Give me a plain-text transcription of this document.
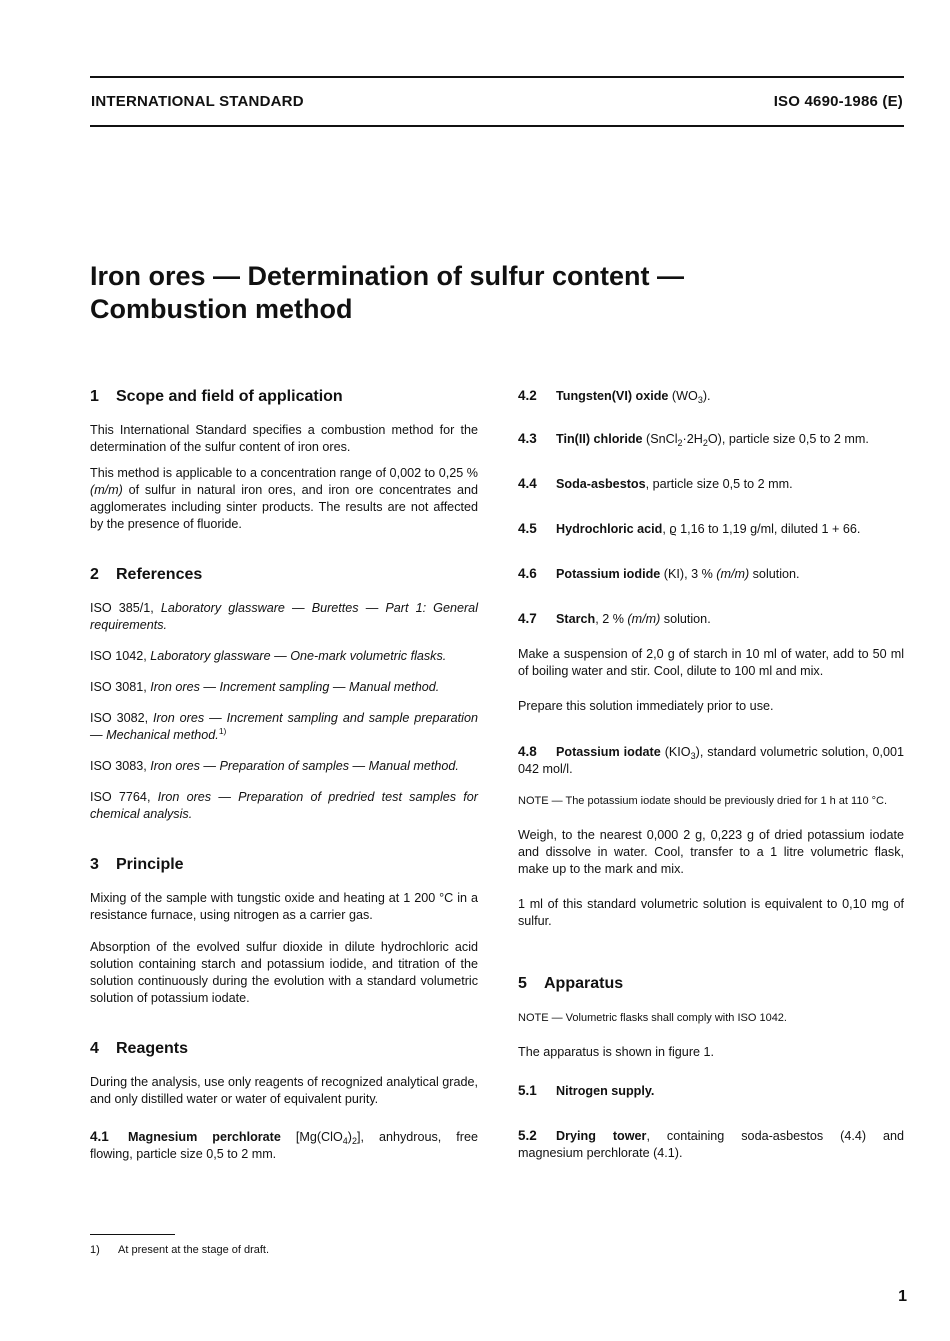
INTERNATIONAL STANDARD	ISO 4690-1986 (E)
Iron ores — Determination of sulfur content —
Combustion method
1 Scope and field of application

This International Standard specifies a combustion method for the determination of the sulfur content of iron ores.

This method is applicable to a concentration range of 0,002 to 0,25 % (m/m) of sulfur in natural iron ores, and iron ore concentrates and agglomerates including sinter products. The results are not affected by the presence of fluoride.

2 References

ISO 385/1, Laboratory glassware — Burettes — Part 1: General requirements.

ISO 1042, Laboratory glassware — One-mark volumetric flasks.

ISO 3081, Iron ores — Increment sampling — Manual method.

ISO 3082, Iron ores — Increment sampling and sample preparation — Mechanical method.$^{1)}$

ISO 3083, Iron ores — Preparation of samples — Manual method.

ISO 7764, Iron ores — Preparation of predried test samples for chemical analysis.

3 Principle

Mixing of the sample with tungstic oxide and heating at 1 200 °C in a resistance furnace, using nitrogen as a carrier gas.

Absorption of the evolved sulfur dioxide in dilute hydrochloric acid solution containing starch and potassium iodide, and titration of the solution continuously during the evolution with a standard volumetric solution of potassium iodate.

4 Reagents

During the analysis, use only reagents of recognized analytical grade, and only distilled water or water of equivalent purity.

4.1 Magnesium perchlorate $[Mg(ClO_4)_2]$, anhydrous, free flowing, particle size 0,5 to 2 mm.

4.2 Tungsten(VI) oxide $(WO_3)$.

4.3 Tin(II) chloride $(SnCl_2\cdot 2H_2O)$, particle size 0,5 to 2 mm.

4.4 Soda-asbestos, particle size 0,5 to 2 mm.

4.5 Hydrochloric acid, ϱ 1,16 to 1,19 g/ml, diluted 1 + 66.

4.6 Potassium iodide (KI), 3 % (m/m) solution.

4.7 Starch, 2 % (m/m) solution.

Make a suspension of 2,0 g of starch in 10 ml of water, add to 50 ml of boiling water and stir. Cool, dilute to 100 ml and mix.

Prepare this solution immediately prior to use.

4.8 Potassium iodate $(KIO_3)$, standard volumetric solution, 0,001 042 mol/l.

NOTE — The potassium iodate should be previously dried for 1 h at 110 °C.

Weigh, to the nearest 0,000 2 g, 0,223 g of dried potassium iodate and dissolve in water. Cool, transfer to a 1 litre volumetric flask, make up to the mark and mix.

1 ml of this standard volumetric solution is equivalent to 0,10 mg of sulfur.

5 Apparatus

NOTE — Volumetric flasks shall comply with ISO 1042.

The apparatus is shown in figure 1.

5.1 Nitrogen supply.

5.2 Drying tower, containing soda-asbestos (4.4) and magnesium perchlorate (4.1).

1) At present at the stage of draft.
1
